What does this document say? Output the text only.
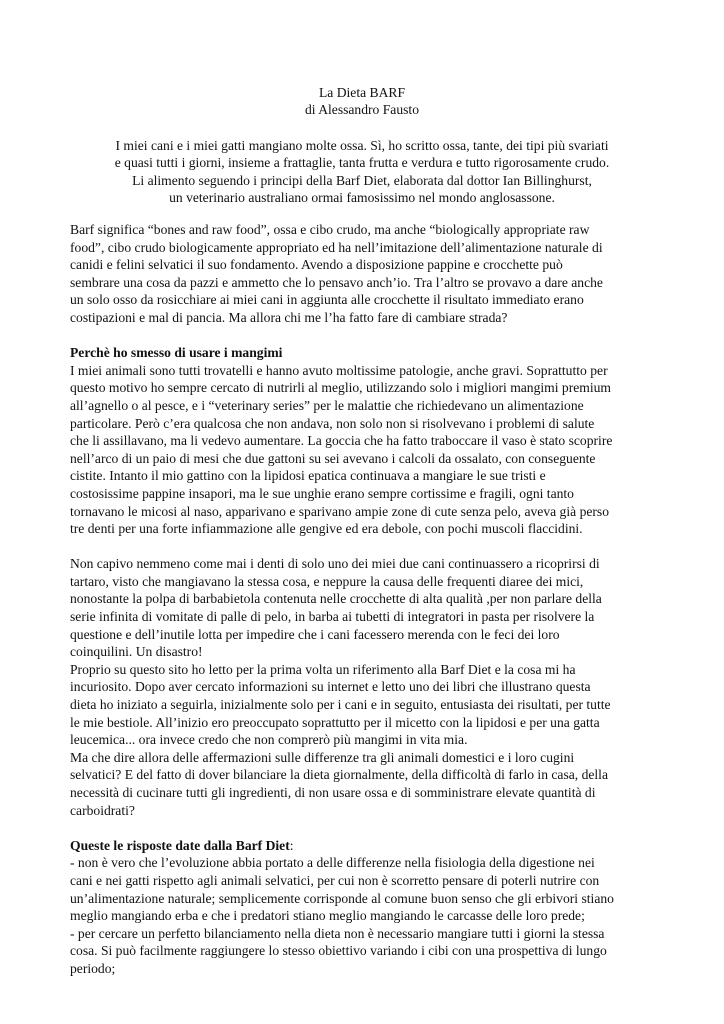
La Dieta BARF
di Alessandro Fausto
I miei cani e i miei gatti mangiano molte ossa. Sì, ho scritto ossa, tante, dei tipi più svariati
e quasi tutti i giorni, insieme a frattaglie, tanta frutta e verdura e tutto rigorosamente crudo.
Li alimento seguendo i principi della Barf Diet, elaborata dal dottor Ian Billinghurst,
un veterinario australiano ormai famosissimo nel mondo anglosassone.
Barf significa “bones and raw food”, ossa e cibo crudo, ma anche “biologically appropriate raw
food”, cibo crudo biologicamente appropriato ed ha nell’imitazione dell’alimentazione naturale di
canidi e felini selvatici il suo fondamento. Avendo a disposizione pappine e crocchette può
sembrare una cosa da pazzi e ammetto che lo pensavo anch’io. Tra l’altro se provavo a dare anche
un solo osso da rosicchiare ai miei cani in aggiunta alle crocchette il risultato immediato erano
costipazioni e mal di pancia. Ma allora chi me l’ha fatto fare di cambiare strada?
Perchè ho smesso di usare i mangimi
I miei animali sono tutti trovatelli e hanno avuto moltissime patologie, anche gravi. Soprattutto per
questo motivo ho sempre cercato di nutrirli al meglio, utilizzando solo i migliori mangimi premium
all’agnello o al pesce, e i “veterinary series” per le malattie che richiedevano un alimentazione
particolare. Però c’era qualcosa che non andava, non solo non si risolvevano i problemi di salute
che li assillavano, ma li vedevo aumentare. La goccia che ha fatto traboccare il vaso è stato scoprire
nell’arco di un paio di mesi che due gattoni su sei avevano i calcoli da ossalato, con conseguente
cistite. Intanto il mio gattino con la lipidosi epatica continuava a mangiare le sue tristi e
costosissime pappine insapori, ma le sue unghie erano sempre cortissime e fragili, ogni tanto
tornavano le micosi al naso, apparivano e sparivano ampie zone di cute senza pelo, aveva già perso
tre denti per una forte infiammazione alle gengive ed era debole, con pochi muscoli flaccidini.
Non capivo nemmeno come mai i denti di solo uno dei miei due cani continuassero a ricoprirsi di
tartaro, visto che mangiavano la stessa cosa, e neppure la causa delle frequenti diaree dei mici,
nonostante la polpa di barbabietola contenuta nelle crocchette di alta qualità ,per non parlare della
serie infinita di vomitate di palle di pelo, in barba ai tubetti di integratori in pasta per risolvere la
questione e dell’inutile lotta per impedire che i cani facessero merenda con le feci dei loro
coinquilini. Un disastro!
Proprio su questo sito ho letto per la prima volta un riferimento alla Barf Diet e la cosa mi ha
incuriosito. Dopo aver cercato informazioni su internet e letto uno dei libri che illustrano questa
dieta ho iniziato a seguirla, inizialmente solo per i cani e in seguito, entusiasta dei risultati, per tutte
le mie bestiole. All’inizio ero preoccupato soprattutto per il micetto con la lipidosi e per una gatta
leucemica... ora invece credo che non comprerò più mangimi in vita mia.
Ma che dire allora delle affermazioni sulle differenze tra gli animali domestici e i loro cugini
selvatici? E del fatto di dover bilanciare la dieta giornalmente, della difficoltà di farlo in casa, della
necessità di cucinare tutti gli ingredienti, di non usare ossa e di somministrare elevate quantità di
carboidrati?
Queste le risposte date dalla Barf Diet:
- non è vero che l’evoluzione abbia portato a delle differenze nella fisiologia della digestione nei
cani e nei gatti rispetto agli animali selvatici, per cui non è scorretto pensare di poterli nutrire con
un’alimentazione naturale; semplicemente corrisponde al comune buon senso che gli erbivori stiano
meglio mangiando erba e che i predatori stiano meglio mangiando le carcasse delle loro prede;
- per cercare un perfetto bilanciamento nella dieta non è necessario mangiare tutti i giorni la stessa
cosa. Si può facilmente raggiungere lo stesso obiettivo variando i cibi con una prospettiva di lungo
periodo;
